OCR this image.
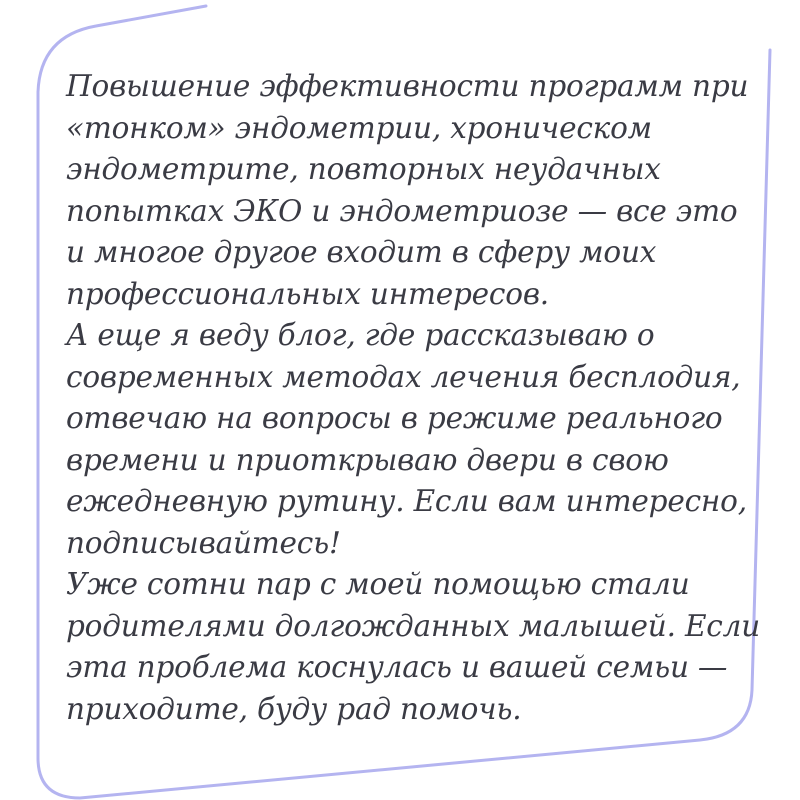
Повышение эффективности программ при
«тонком» эндометрии, хроническом
эндометрите, повторных неудачных
попытках ЭКО и эндометриозе — все это
и многое другое входит в сферу моих
профессиональных интересов.
А еще я веду блог, где рассказываю о
современных методах лечения бесплодия,
отвечаю на вопросы в режиме реального
времени и приоткрываю двери в свою
ежедневную рутину. Если вам интересно,
подписывайтесь!
Уже сотни пар с моей помощью стали
родителями долгожданных малышей. Если
эта проблема коснулась и вашей семьи —
приходите, буду рад помочь.
